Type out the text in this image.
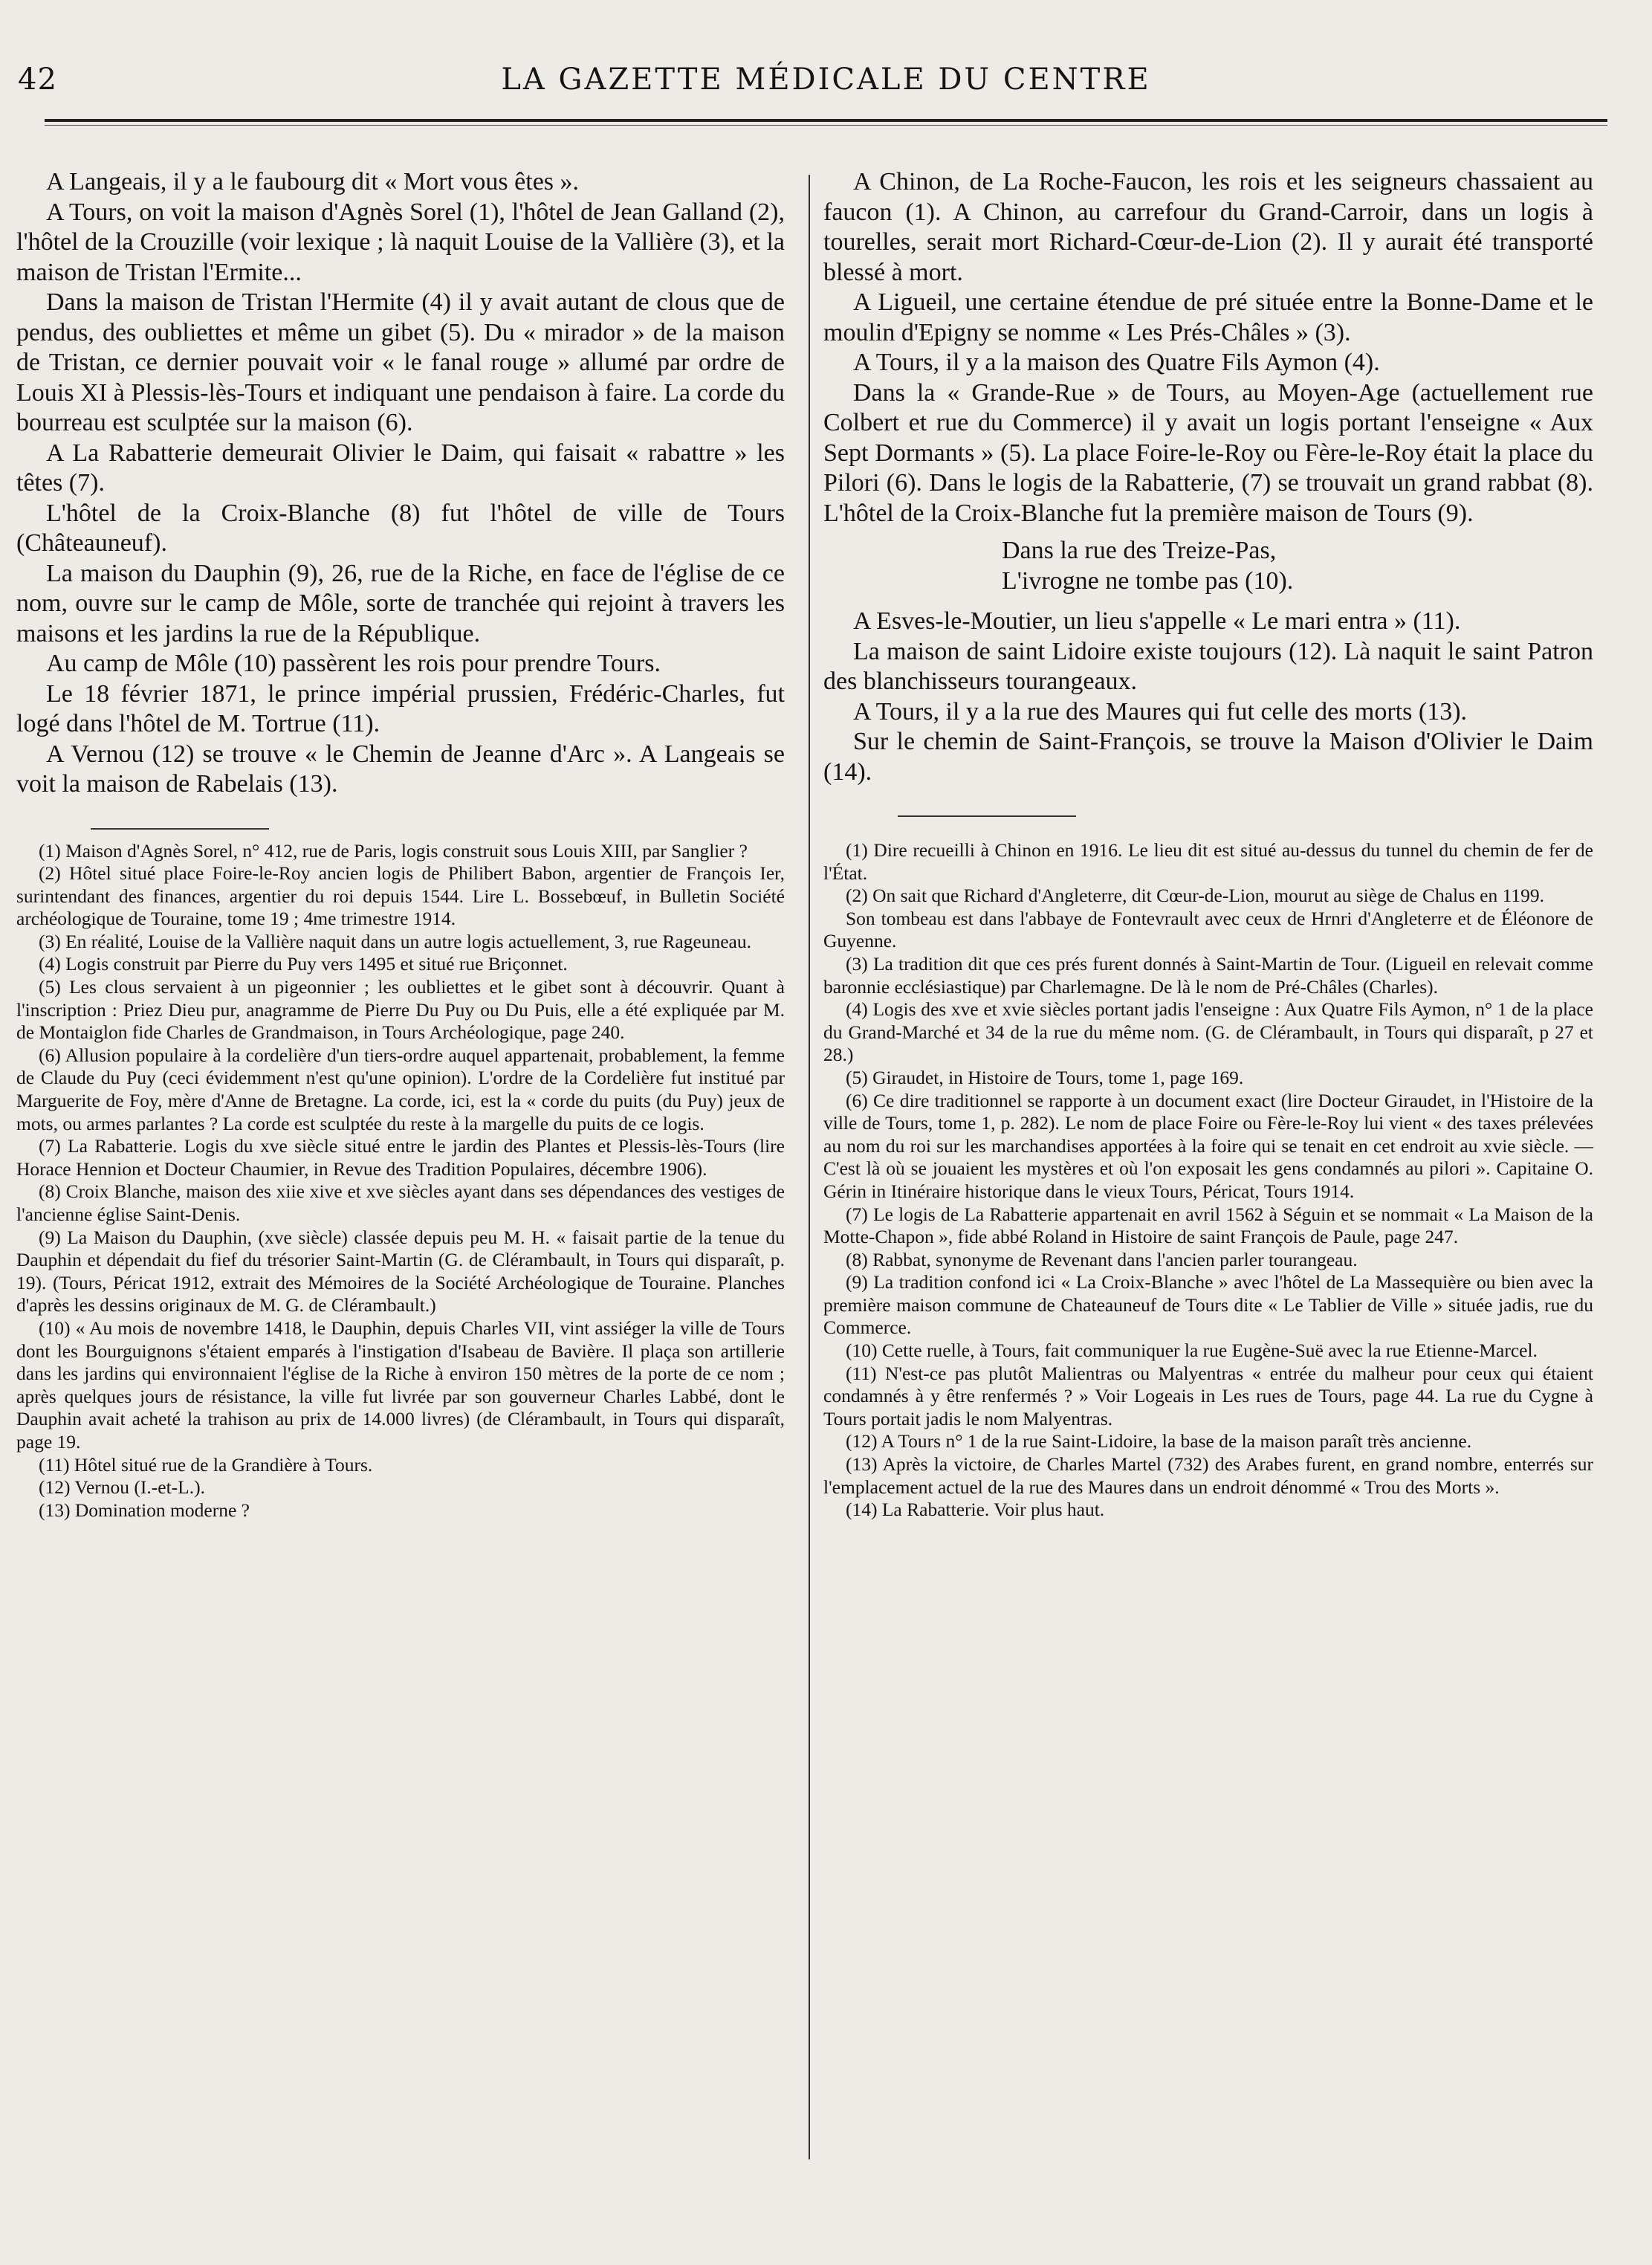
42	LA GAZETTE MÉDICALE DU CENTRE

A Langeais, il y a le faubourg dit « Mort vous êtes ».

A Tours, on voit la maison d'Agnès Sorel (1), l'hôtel de Jean Galland (2), l'hôtel de la Crouzille (voir lexique ; là naquit Louise de la Vallière (3), et la maison de Tristan l'Ermite...

Dans la maison de Tristan l'Hermite (4) il y avait autant de clous que de pendus, des oubliettes et même un gibet (5). Du « mirador » de la maison de Tristan, ce dernier pouvait voir « le fanal rouge » allumé par ordre de Louis XI à Plessis-lès-Tours et indiquant une pendaison à faire. La corde du bourreau est sculptée sur la maison (6).

A La Rabatterie demeurait Olivier le Daim, qui faisait « rabattre » les têtes (7).

L'hôtel de la Croix-Blanche (8) fut l'hôtel de ville de Tours (Châteauneuf).

La maison du Dauphin (9), 26, rue de la Riche, en face de l'église de ce nom, ouvre sur le camp de Môle, sorte de tranchée qui rejoint à travers les maisons et les jardins la rue de la République.

Au camp de Môle (10) passèrent les rois pour prendre Tours.

Le 18 février 1871, le prince impérial prussien, Frédéric-Charles, fut logé dans l'hôtel de M. Tortrue (11).

A Vernou (12) se trouve « le Chemin de Jeanne d'Arc ». A Langeais se voit la maison de Rabelais (13).

(1) Maison d'Agnès Sorel, n° 412, rue de Paris, logis construit sous Louis XIII, par Sanglier ?

(2) Hôtel situé place Foire-le-Roy ancien logis de Philibert Babon, argentier de François Ier, surintendant des finances, argentier du roi depuis 1544. Lire L. Bossebœuf, in Bulletin Société archéologique de Touraine, tome 19 ; 4me trimestre 1914.

(3) En réalité, Louise de la Vallière naquit dans un autre logis actuellement, 3, rue Rageuneau.

(4) Logis construit par Pierre du Puy vers 1495 et situé rue Briçonnet.

(5) Les clous servaient à un pigeonnier ; les oubliettes et le gibet sont à découvrir. Quant à l'inscription : Priez Dieu pur, anagramme de Pierre Du Puy ou Du Puis, elle a été expliquée par M. de Montaiglon fide Charles de Grandmaison, in Tours Archéologique, page 240.

(6) Allusion populaire à la cordelière d'un tiers-ordre auquel appartenait, probablement, la femme de Claude du Puy (ceci évidemment n'est qu'une opinion). L'ordre de la Cordelière fut institué par Marguerite de Foy, mère d'Anne de Bretagne. La corde, ici, est la « corde du puits (du Puy) jeux de mots, ou armes parlantes ? La corde est sculptée du reste à la margelle du puits de ce logis.

(7) La Rabatterie. Logis du xve siècle situé entre le jardin des Plantes et Plessis-lès-Tours (lire Horace Hennion et Docteur Chaumier, in Revue des Tradition Populaires, décembre 1906).

(8) Croix Blanche, maison des xiie xive et xve siècles ayant dans ses dépendances des vestiges de l'ancienne église Saint-Denis.

(9) La Maison du Dauphin, (xve siècle) classée depuis peu M. H. « faisait partie de la tenue du Dauphin et dépendait du fief du trésorier Saint-Martin (G. de Clérambault, in Tours qui disparaît, p. 19). (Tours, Péricat 1912, extrait des Mémoires de la Société Archéologique de Touraine. Planches d'après les dessins originaux de M. G. de Clérambault.)

(10) « Au mois de novembre 1418, le Dauphin, depuis Charles VII, vint assiéger la ville de Tours dont les Bourguignons s'étaient emparés à l'instigation d'Isabeau de Bavière. Il plaça son artillerie dans les jardins qui environnaient l'église de la Riche à environ 150 mètres de la porte de ce nom ; après quelques jours de résistance, la ville fut livrée par son gouverneur Charles Labbé, dont le Dauphin avait acheté la trahison au prix de 14.000 livres) (de Clérambault, in Tours qui disparaît, page 19.

(11) Hôtel situé rue de la Grandière à Tours.

(12) Vernou (I.-et-L.).

(13) Domination moderne ?

A Chinon, de La Roche-Faucon, les rois et les seigneurs chassaient au faucon (1). A Chinon, au carrefour du Grand-Carroir, dans un logis à tourelles, serait mort Richard-Cœur-de-Lion (2). Il y aurait été transporté blessé à mort.

A Ligueil, une certaine étendue de pré située entre la Bonne-Dame et le moulin d'Epigny se nomme « Les Prés-Châles » (3).

A Tours, il y a la maison des Quatre Fils Aymon (4).

Dans la « Grande-Rue » de Tours, au Moyen-Age (actuellement rue Colbert et rue du Commerce) il y avait un logis portant l'enseigne « Aux Sept Dormants » (5). La place Foire-le-Roy ou Fère-le-Roy était la place du Pilori (6). Dans le logis de la Rabatterie, (7) se trouvait un grand rabbat (8). L'hôtel de la Croix-Blanche fut la première maison de Tours (9).

Dans la rue des Treize-Pas,
L'ivrogne ne tombe pas (10).

A Esves-le-Moutier, un lieu s'appelle « Le mari entra » (11).

La maison de saint Lidoire existe toujours (12). Là naquit le saint Patron des blanchisseurs tourangeaux.

A Tours, il y a la rue des Maures qui fut celle des morts (13).

Sur le chemin de Saint-François, se trouve la Maison d'Olivier le Daim (14).

(1) Dire recueilli à Chinon en 1916. Le lieu dit est situé au-dessus du tunnel du chemin de fer de l'État.

(2) On sait que Richard d'Angleterre, dit Cœur-de-Lion, mourut au siège de Chalus en 1199.

Son tombeau est dans l'abbaye de Fontevrault avec ceux de Hrnri d'Angleterre et de Éléonore de Guyenne.

(3) La tradition dit que ces prés furent donnés à Saint-Martin de Tour. (Ligueil en relevait comme baronnie ecclésiastique) par Charlemagne. De là le nom de Pré-Châles (Charles).

(4) Logis des xve et xvie siècles portant jadis l'enseigne : Aux Quatre Fils Aymon, n° 1 de la place du Grand-Marché et 34 de la rue du même nom. (G. de Clérambault, in Tours qui disparaît, p 27 et 28.)

(5) Giraudet, in Histoire de Tours, tome 1, page 169.

(6) Ce dire traditionnel se rapporte à un document exact (lire Docteur Giraudet, in l'Histoire de la ville de Tours, tome 1, p. 282). Le nom de place Foire ou Fère-le-Roy lui vient « des taxes prélevées au nom du roi sur les marchandises apportées à la foire qui se tenait en cet endroit au xvie siècle. — C'est là où se jouaient les mystères et où l'on exposait les gens condamnés au pilori ». Capitaine O. Gérin in Itinéraire historique dans le vieux Tours, Péricat, Tours 1914.

(7) Le logis de La Rabatterie appartenait en avril 1562 à Séguin et se nommait « La Maison de la Motte-Chapon », fide abbé Roland in Histoire de saint François de Paule, page 247.

(8) Rabbat, synonyme de Revenant dans l'ancien parler tourangeau.

(9) La tradition confond ici « La Croix-Blanche » avec l'hôtel de La Massequière ou bien avec la première maison commune de Chateauneuf de Tours dite « Le Tablier de Ville » située jadis, rue du Commerce.

(10) Cette ruelle, à Tours, fait communiquer la rue Eugène-Suë avec la rue Etienne-Marcel.

(11) N'est-ce pas plutôt Malientras ou Malyentras « entrée du malheur pour ceux qui étaient condamnés à y être renfermés ? » Voir Logeais in Les rues de Tours, page 44. La rue du Cygne à Tours portait jadis le nom Malyentras.

(12) A Tours n° 1 de la rue Saint-Lidoire, la base de la maison paraît très ancienne.

(13) Après la victoire, de Charles Martel (732) des Arabes furent, en grand nombre, enterrés sur l'emplacement actuel de la rue des Maures dans un endroit dénommé « Trou des Morts ».

(14) La Rabatterie. Voir plus haut.
